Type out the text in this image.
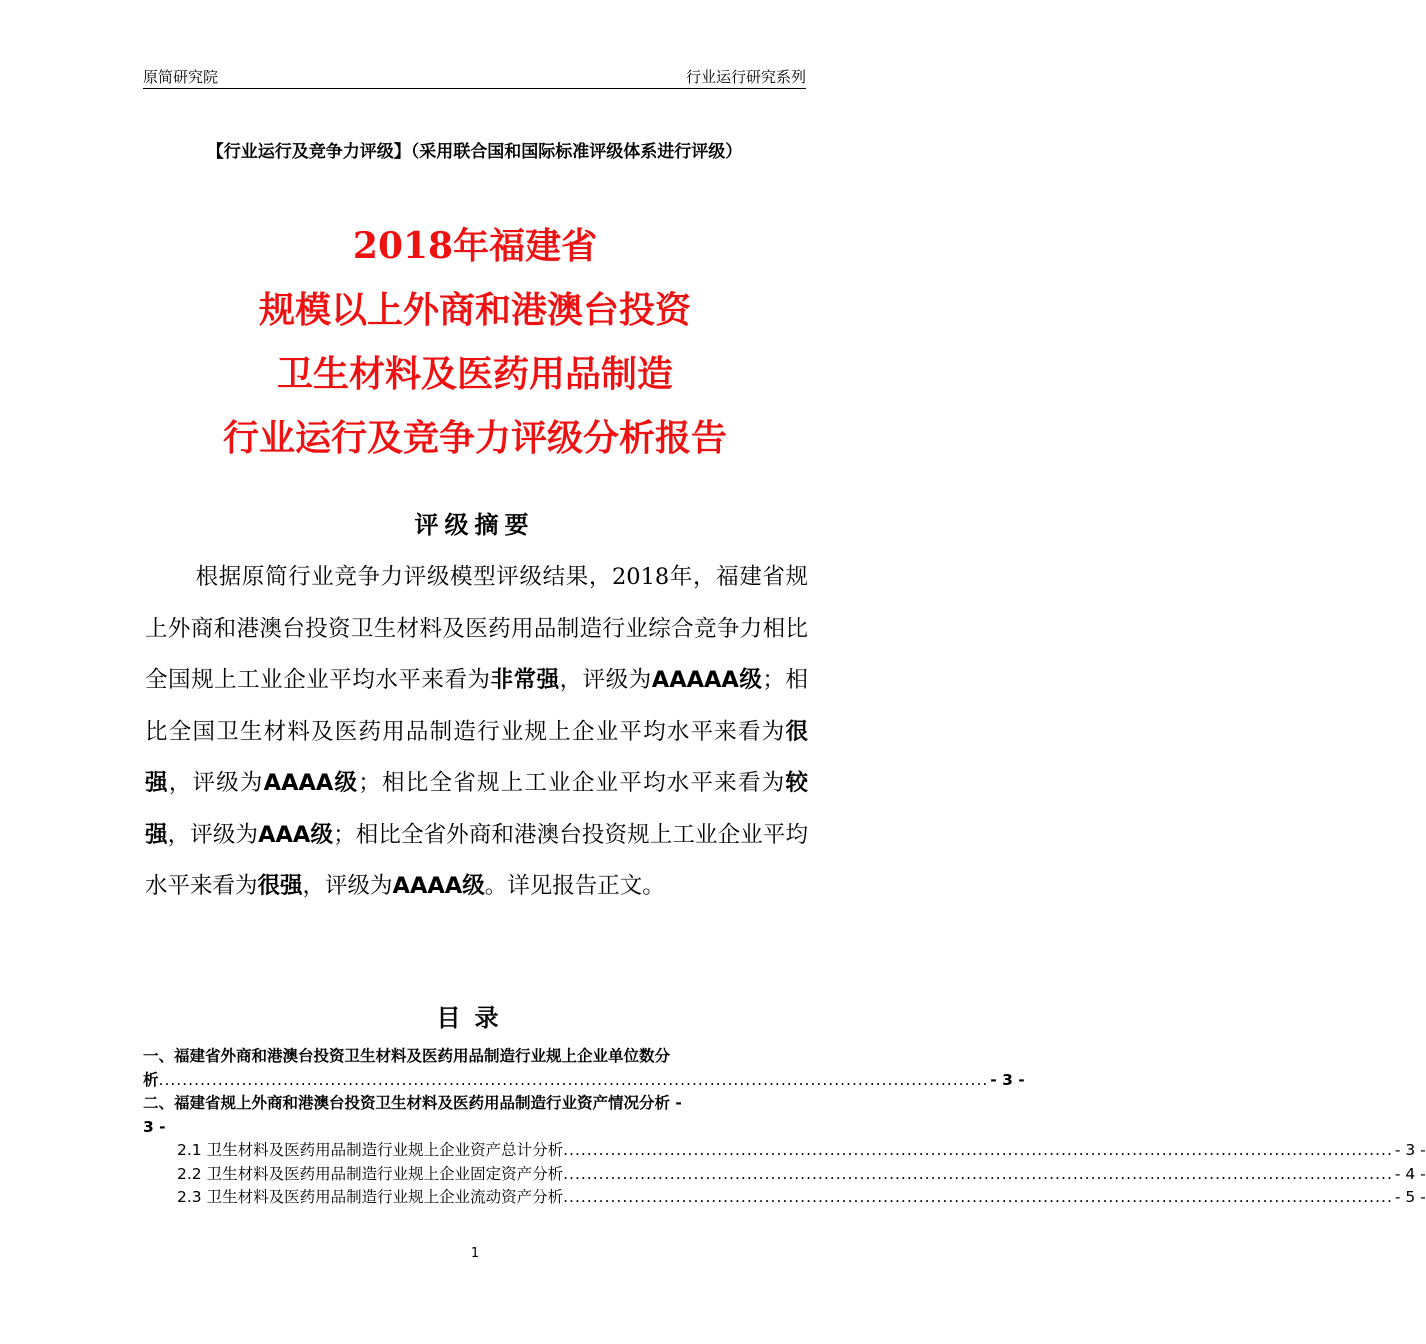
原简研究院	行业运行研究系列
【行业运行及竞争力评级】（采用联合国和国际标准评级体系进行评级）
2018年福建省
规模以上外商和港澳台投资
卫生材料及医药用品制造
行业运行及竞争力评级分析报告
评级摘要
根据原简行业竞争力评级模型评级结果，2018年，福建省规上外商和港澳台投资卫生材料及医药用品制造行业综合竞争力相比全国规上工业企业平均水平来看为非常强，评级为AAAAA级；相比全国卫生材料及医药用品制造行业规上企业平均水平来看为很强，评级为AAAA级；相比全省规上工业企业平均水平来看为较强，评级为AAA级；相比全省外商和港澳台投资规上工业企业平均水平来看为很强，评级为AAAA级。详见报告正文。
目录
一、福建省外商和港澳台投资卫生材料及医药用品制造行业规上企业单位数分
析 ............................................................................................................................................ - 3 -
二、福建省规上外商和港澳台投资卫生材料及医药用品制造行业资产情况分析 -
3 -
2.1 卫生材料及医药用品制造行业规上企业资产总计分析 ............................................................................................................................................ - 3 -
2.2 卫生材料及医药用品制造行业规上企业固定资产分析 ............................................................................................................................................ - 4 -
2.3 卫生材料及医药用品制造行业规上企业流动资产分析 ............................................................................................................................................ - 5 -
1
